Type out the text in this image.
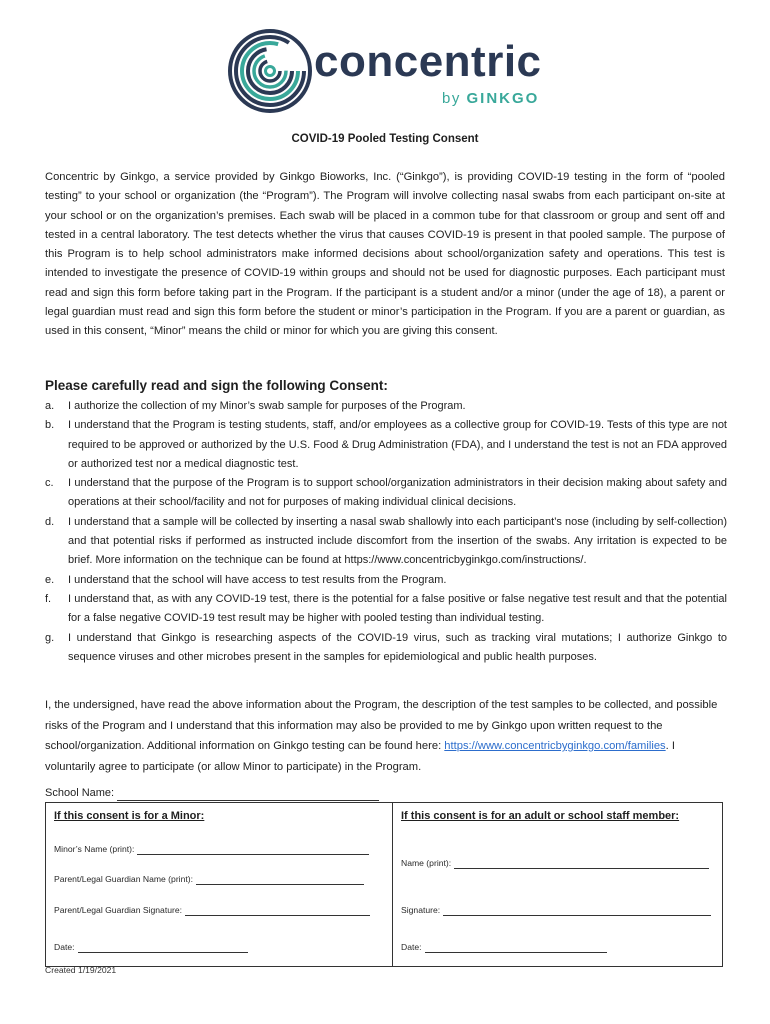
concentric
by GINKGO
COVID-19 Pooled Testing Consent
Concentric by Ginkgo, a service provided by Ginkgo Bioworks, Inc. (“Ginkgo”), is providing COVID-19 testing in the form of “pooled testing” to your school or organization (the “Program”). The Program will involve collecting nasal swabs from each participant on-site at your school or on the organization’s premises. Each swab will be placed in a common tube for that classroom or group and sent off and tested in a central laboratory. The test detects whether the virus that causes COVID-19 is present in that pooled sample. The purpose of this Program is to help school administrators make informed decisions about school/organization safety and operations. This test is intended to investigate the presence of COVID-19 within groups and should not be used for diagnostic purposes. Each participant must read and sign this form before taking part in the Program. If the participant is a student and/or a minor (under the age of 18), a parent or legal guardian must read and sign this form before the student or minor’s participation in the Program. If you are a parent or guardian, as used in this consent, “Minor” means the child or minor for which you are giving this consent.
Please carefully read and sign the following Consent:
a. I authorize the collection of my Minor’s swab sample for purposes of the Program.
b. I understand that the Program is testing students, staff, and/or employees as a collective group for COVID-19. Tests of this type are not required to be approved or authorized by the U.S. Food & Drug Administration (FDA), and I understand the test is not an FDA approved or authorized test nor a medical diagnostic test.
c. I understand that the purpose of the Program is to support school/organization administrators in their decision making about safety and operations at their school/facility and not for purposes of making individual clinical decisions.
d. I understand that a sample will be collected by inserting a nasal swab shallowly into each participant’s nose (including by self-collection) and that potential risks if performed as instructed include discomfort from the insertion of the swabs. Any irritation is expected to be brief. More information on the technique can be found at https://www.concentricbyginkgo.com/instructions/.
e. I understand that the school will have access to test results from the Program.
f. I understand that, as with any COVID-19 test, there is the potential for a false positive or false negative test result and that the potential for a false negative COVID-19 test result may be higher with pooled testing than individual testing.
g. I understand that Ginkgo is researching aspects of the COVID-19 virus, such as tracking viral mutations; I authorize Ginkgo to sequence viruses and other microbes present in the samples for epidemiological and public health purposes.
I, the undersigned, have read the above information about the Program, the description of the test samples to be collected, and possible risks of the Program and I understand that this information may also be provided to me by Ginkgo upon written request to the school/organization. Additional information on Ginkgo testing can be found here: https://www.concentricbyginkgo.com/families. I voluntarily agree to participate (or allow Minor to participate) in the Program.
School Name:
If this consent is for a Minor:
Minor’s Name (print):
Parent/Legal Guardian Name (print):
Parent/Legal Guardian Signature:
Date:
If this consent is for an adult or school staff member:
Name (print):
Signature:
Date:
Created 1/19/2021
